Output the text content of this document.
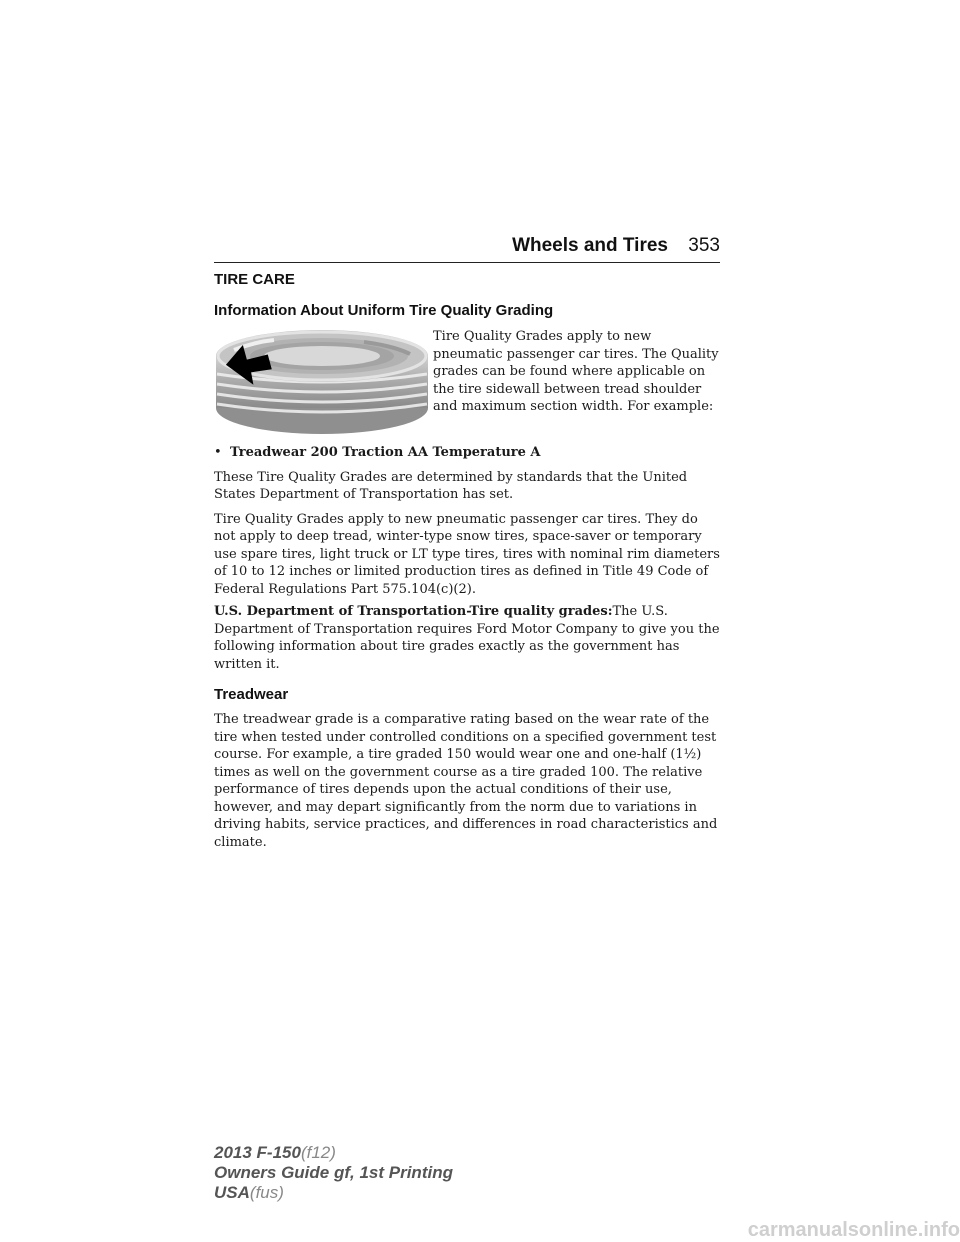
Wheels and Tires 353

TIRE CARE

Information About Uniform Tire Quality Grading

Tire Quality Grades apply to new pneumatic passenger car tires. The Quality grades can be found where applicable on the tire sidewall between tread shoulder and maximum section width. For example:

• Treadwear 200 Traction AA Temperature A

These Tire Quality Grades are determined by standards that the United States Department of Transportation has set.

Tire Quality Grades apply to new pneumatic passenger car tires. They do not apply to deep tread, winter-type snow tires, space-saver or temporary use spare tires, light truck or LT type tires, tires with nominal rim diameters of 10 to 12 inches or limited production tires as defined in Title 49 Code of Federal Regulations Part 575.104(c)(2).

U.S. Department of Transportation-Tire quality grades:The U.S. Department of Transportation requires Ford Motor Company to give you the following information about tire grades exactly as the government has written it.

Treadwear

The treadwear grade is a comparative rating based on the wear rate of the tire when tested under controlled conditions on a specified government test course. For example, a tire graded 150 would wear one and one-half (1½) times as well on the government course as a tire graded 100. The relative performance of tires depends upon the actual conditions of their use, however, and may depart significantly from the norm due to variations in driving habits, service practices, and differences in road characteristics and climate.

2013 F-150(f12)
Owners Guide gf, 1st Printing
USA(fus)
carmanualsonline.info
